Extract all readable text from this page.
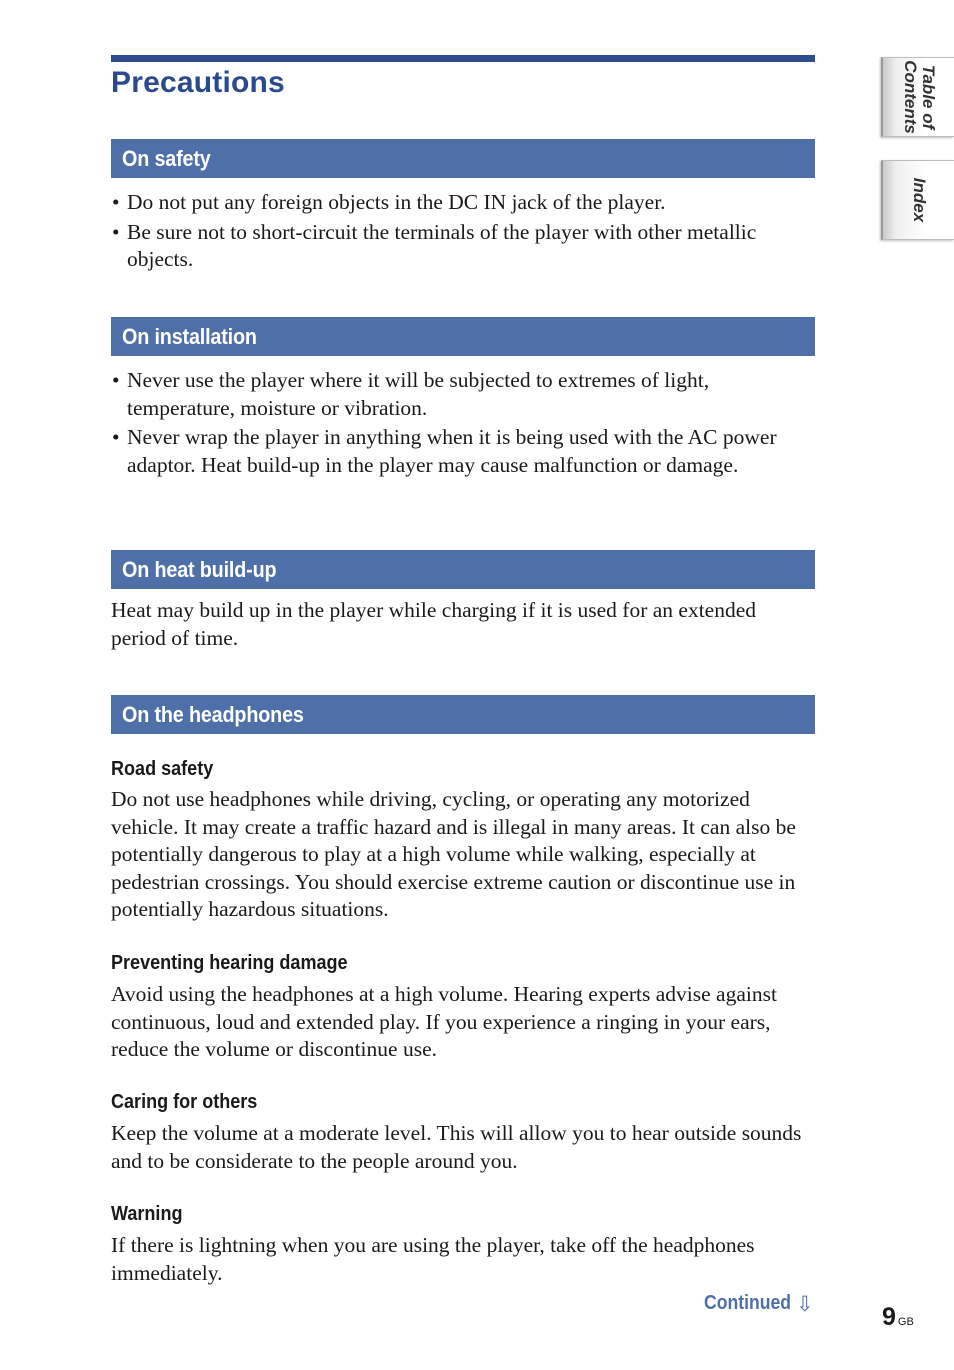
Precautions
On safety
• Do not put any foreign objects in the DC IN jack of the player.
• Be sure not to short-circuit the terminals of the player with other metallic objects.
On installation
• Never use the player where it will be subjected to extremes of light, temperature, moisture or vibration.
• Never wrap the player in anything when it is being used with the AC power adaptor. Heat build-up in the player may cause malfunction or damage.
On heat build-up

Heat may build up in the player while charging if it is used for an extended period of time.

On the headphones
Road safety

Do not use headphones while driving, cycling, or operating any motorized vehicle. It may create a traffic hazard and is illegal in many areas. It can also be potentially dangerous to play at a high volume while walking, especially at pedestrian crossings. You should exercise extreme caution or discontinue use in potentially hazardous situations.

Preventing hearing damage

Avoid using the headphones at a high volume. Hearing experts advise against continuous, loud and extended play. If you experience a ringing in your ears, reduce the volume or discontinue use.

Caring for others

Keep the volume at a moderate level. This will allow you to hear outside sounds and to be considerate to the people around you.

Warning

If there is lightning when you are using the player, take off the headphones immediately.

Continued ⇩	9 GB
Table of
Contents
Index
